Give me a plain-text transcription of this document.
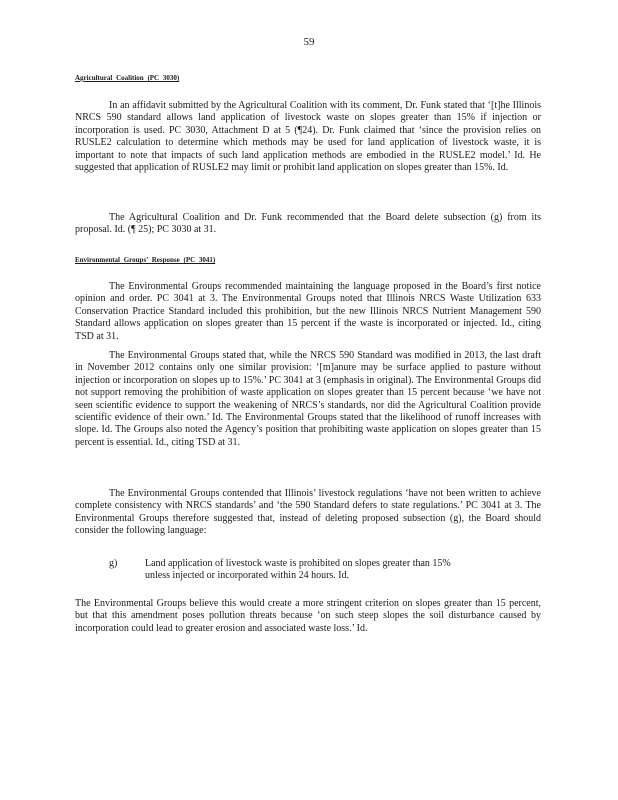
59
Agricultural Coalition (PC 3030)

In an affidavit submitted by the Agricultural Coalition with its comment, Dr. Funk stated that ‘[t]he Illinois NRCS 590 standard allows land application of livestock waste on slopes greater than 15% if injection or incorporation is used. PC 3030, Attachment D at 5 (¶24). Dr. Funk claimed that ‘since the provision relies on RUSLE2 calculation to determine which methods may be used for land application of livestock waste, it is important to note that impacts of such land application methods are embodied in the RUSLE2 model.’ Id. He suggested that application of RUSLE2 may limit or prohibit land application on slopes greater than 15%. Id.

The Agricultural Coalition and Dr. Funk recommended that the Board delete subsection (g) from its proposal. Id. (¶ 25); PC 3030 at 31.

Environmental Groups’ Response (PC 3041)

The Environmental Groups recommended maintaining the language proposed in the Board’s first notice opinion and order. PC 3041 at 3. The Environmental Groups noted that Illinois NRCS Waste Utilization 633 Conservation Practice Standard included this prohibition, but the new Illinois NRCS Nutrient Management 590 Standard allows application on slopes greater than 15 percent if the waste is incorporated or injected. Id., citing TSD at 31.

The Environmental Groups stated that, while the NRCS 590 Standard was modified in 2013, the last draft in November 2012 contains only one similar provision: ‘[m]anure may be surface applied to pasture without injection or incorporation on slopes up to 15%.’ PC 3041 at 3 (emphasis in original). The Environmental Groups did not support removing the prohibition of waste application on slopes greater than 15 percent because ‘we have not seen scientific evidence to support the weakening of NRCS’s standards, nor did the Agricultural Coalition provide scientific evidence of their own.’ Id. The Environmental Groups stated that the likelihood of runoff increases with slope. Id. The Groups also noted the Agency’s position that prohibiting waste application on slopes greater than 15 percent is essential. Id., citing TSD at 31.

The Environmental Groups contended that Illinois’ livestock regulations ‘have not been written to achieve complete consistency with NRCS standards’ and ‘the 590 Standard defers to state regulations.’ PC 3041 at 3. The Environmental Groups therefore suggested that, instead of deleting proposed subsection (g), the Board should consider the following language:

g)	Land application of livestock waste is prohibited on slopes greater than 15% unless injected or incorporated within 24 hours. Id.

The Environmental Groups believe this would create a more stringent criterion on slopes greater than 15 percent, but that this amendment poses pollution threats because ‘on such steep slopes the soil disturbance caused by incorporation could lead to greater erosion and associated waste loss.’ Id.
